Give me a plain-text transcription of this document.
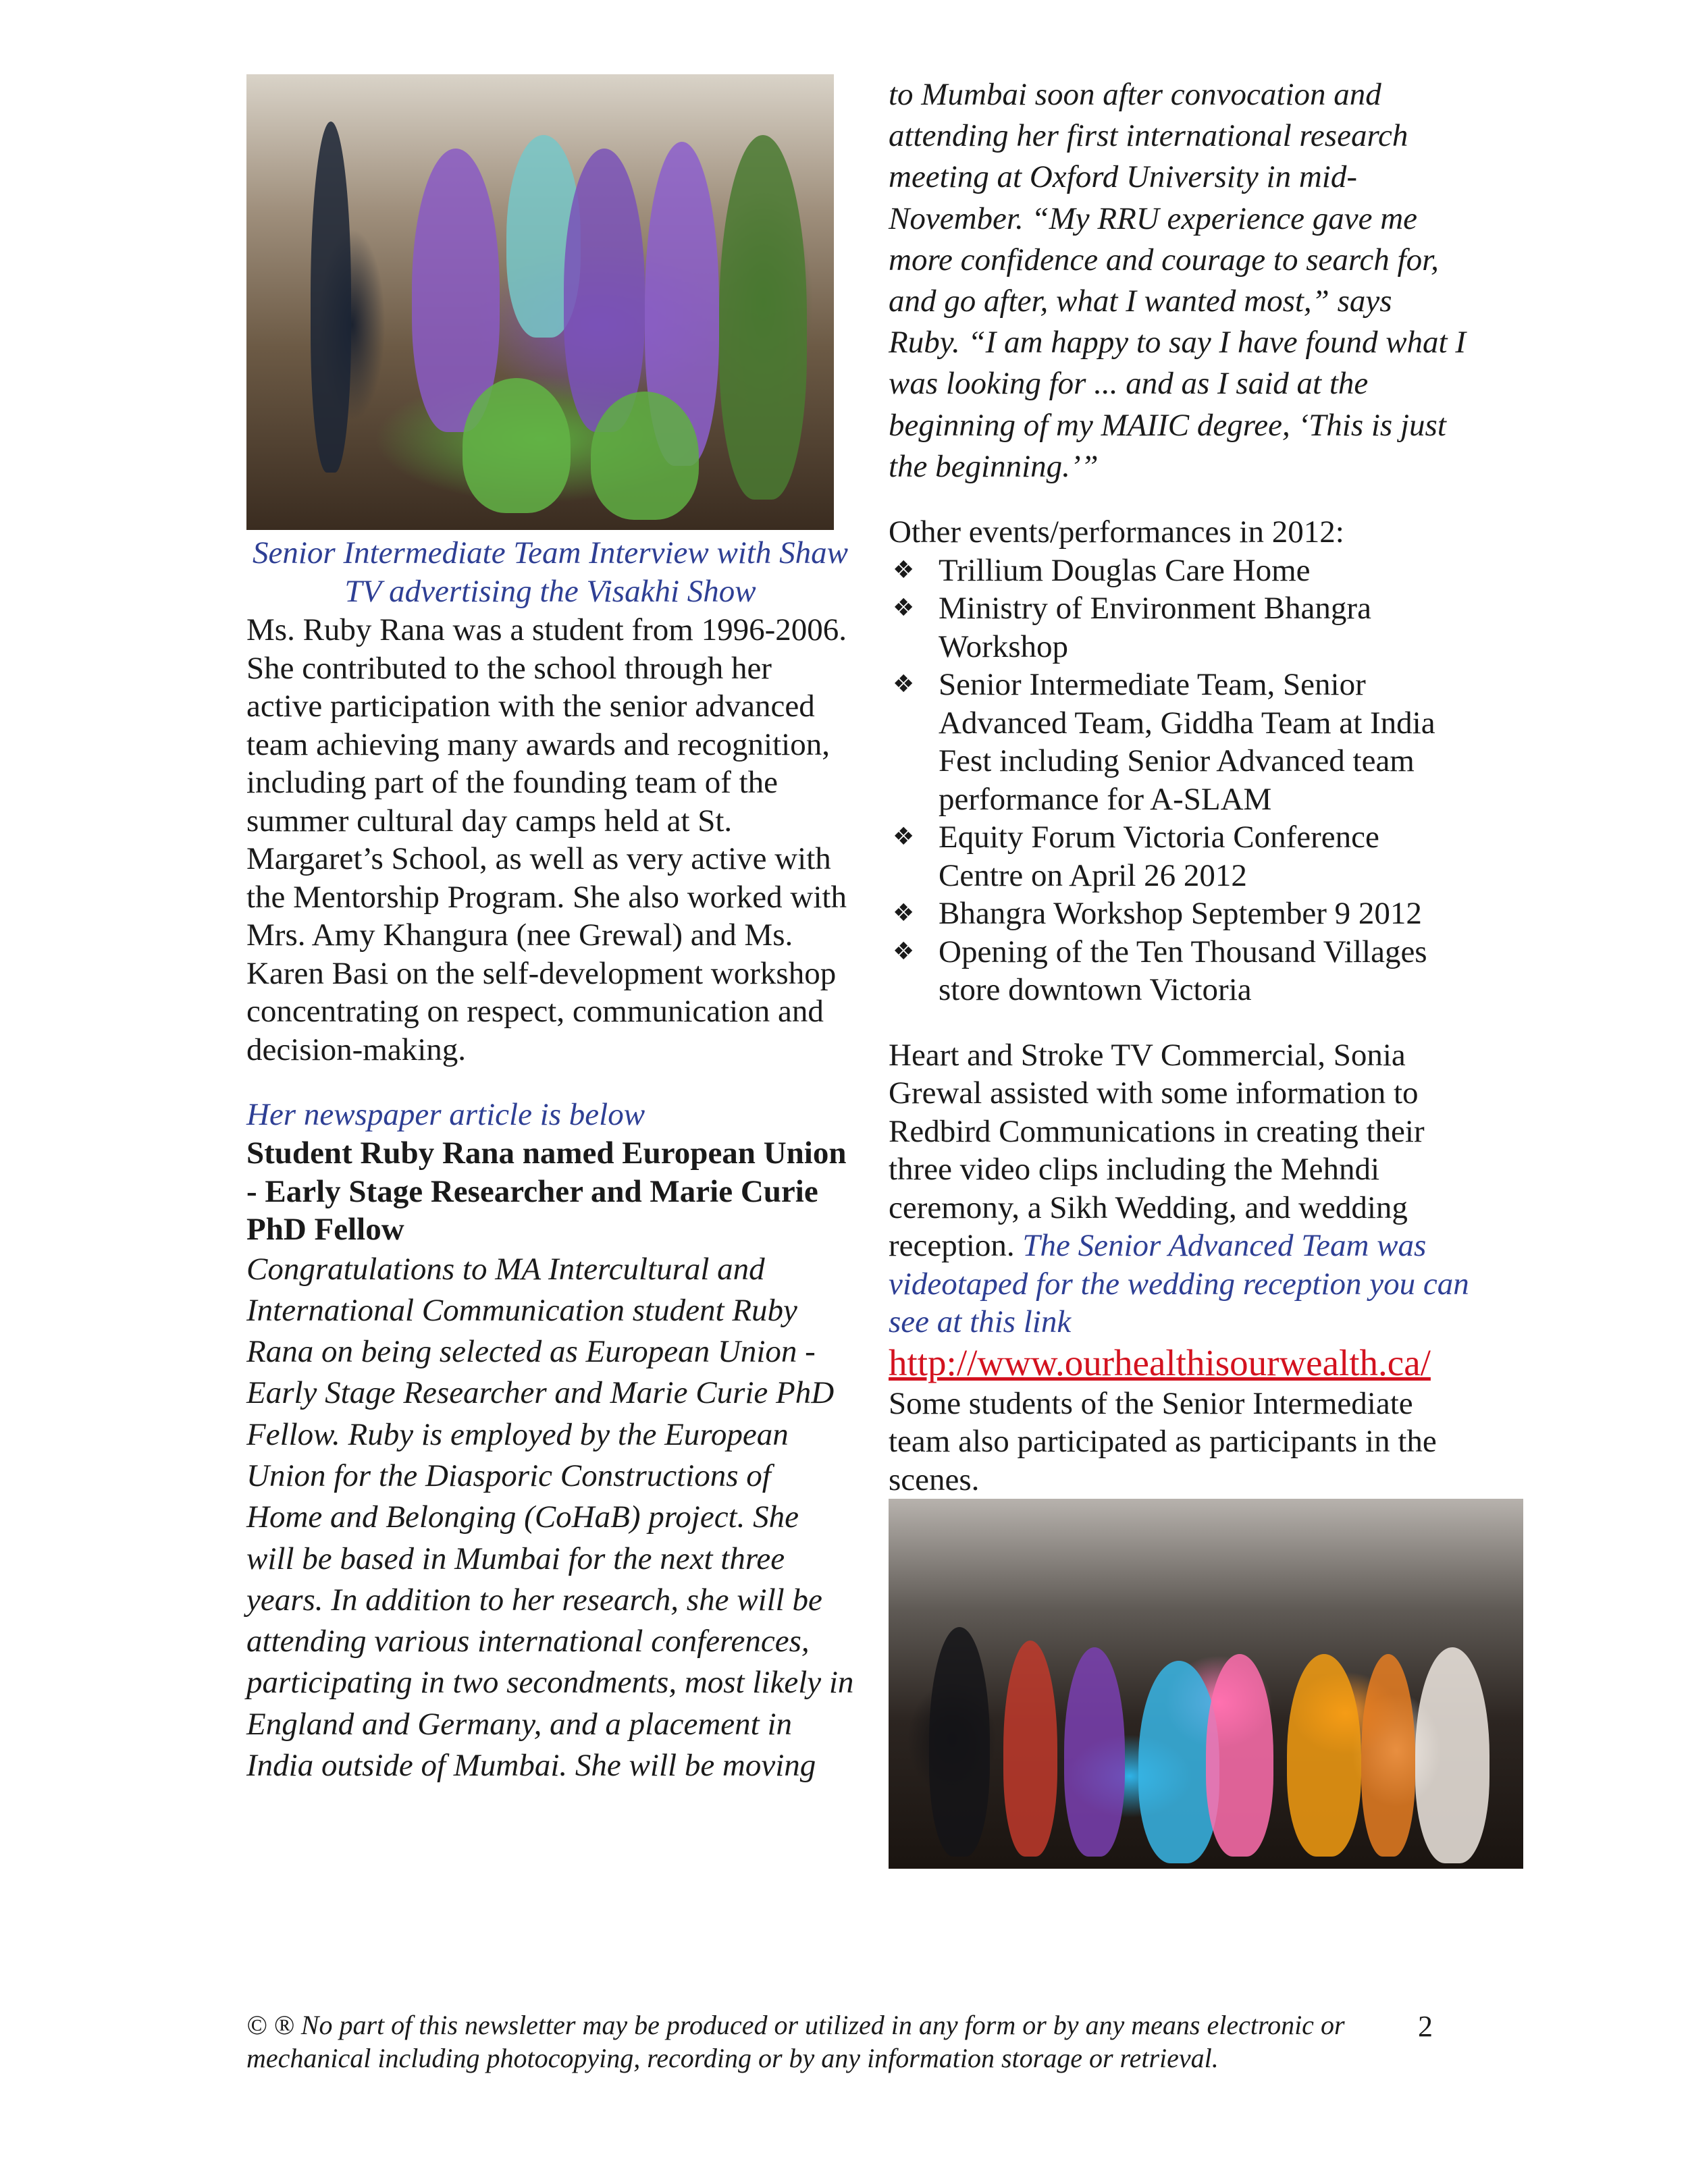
Senior Intermediate Team Interview with Shaw TV advertising the Visakhi Show

Ms. Ruby Rana was a student from 1996-2006. She contributed to the school through her active participation with the senior advanced team achieving many awards and recognition, including part of the founding team of the summer cultural day camps held at St. Margaret’s School, as well as very active with the Mentorship Program. She also worked with Mrs. Amy Khangura (nee Grewal) and Ms. Karen Basi on the self-development workshop concentrating on respect, communication and decision-making.

Her newspaper article is below
Student Ruby Rana named European Union - Early Stage Researcher and Marie Curie PhD Fellow
Congratulations to MA Intercultural and International Communication student Ruby Rana on being selected as European Union - Early Stage Researcher and Marie Curie PhD Fellow. Ruby is employed by the European Union for the Diasporic Constructions of Home and Belonging (CoHaB) project. She will be based in Mumbai for the next three years. In addition to her research, she will be attending various international conferences, participating in two secondments, most likely in England and Germany, and a placement in India outside of Mumbai. She will be moving
to Mumbai soon after convocation and attending her first international research meeting at Oxford University in mid-November. “My RRU experience gave me more confidence and courage to search for, and go after, what I wanted most,” says Ruby. “I am happy to say I have found what I was looking for ... and as I said at the beginning of my MAIIC degree, ‘This is just the beginning.’”
Other events/performances in 2012:
❖ Trillium Douglas Care Home
❖ Ministry of Environment Bhangra Workshop
❖ Senior Intermediate Team, Senior Advanced Team, Giddha Team at India Fest including Senior Advanced team performance for A-SLAM
❖ Equity Forum Victoria Conference Centre on April 26 2012
❖ Bhangra Workshop September 9 2012
❖ Opening of the Ten Thousand Villages store downtown Victoria

Heart and Stroke TV Commercial, Sonia Grewal assisted with some information to Redbird Communications in creating their three video clips including the Mehndi ceremony, a Sikh Wedding, and wedding reception. The Senior Advanced Team was videotaped for the wedding reception you can see at this link

http://www.ourhealthisourwealth.ca/

Some students of the Senior Intermediate team also participated as participants in the scenes.

© ® No part of this newsletter may be produced or utilized in any form or by any means electronic or mechanical including photocopying, recording or by any information storage or retrieval.
2
